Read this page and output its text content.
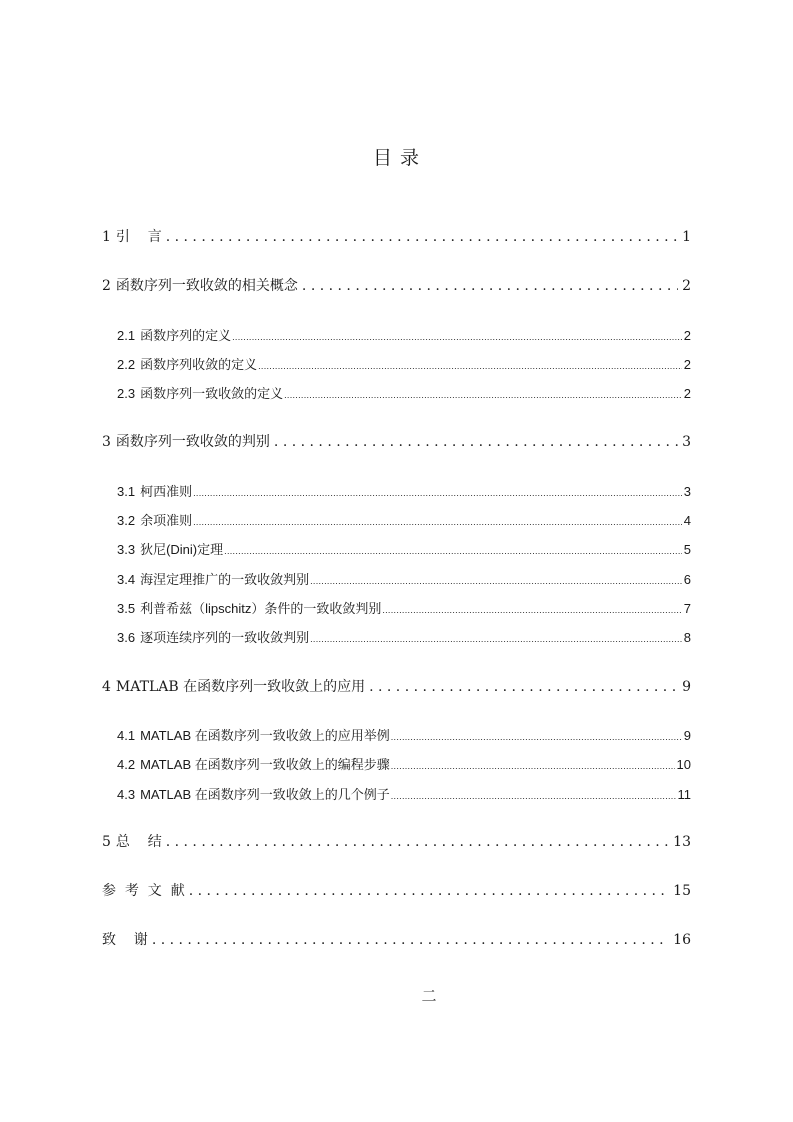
目 录
1 引    言 . . .	1
2 函数序列一致收敛的相关概念 . . .	2
2.1 函数序列的定义 .....	2
2.2 函数序列收敛的定义 .....	2
2.3 函数序列一致收敛的定义 .....	2
3 函数序列一致收敛的判别 . . .	3
3.1 柯西准则 .....	3
3.2 余项准则 .....	4
3.3 狄尼(Dini)定理 .....	5
3.4 海涅定理推广的一致收敛判别 .....	6
3.5 利普希兹（lipschitz）条件的一致收敛判别 .....	7
3.6 逐项连续序列的一致收敛判别 .....	8
4 MATLAB 在函数序列一致收敛上的应用 . . .	9
4.1 MATLAB 在函数序列一致收敛上的应用举例 .....	9
4.2 MATLAB 在函数序列一致收敛上的编程步骤 .....	10
4.3 MATLAB 在函数序列一致收敛上的几个例子 .....	11
5 总    结 . . .	13
参  考  文  献 . . .	15
致    谢 . . .	16
二
